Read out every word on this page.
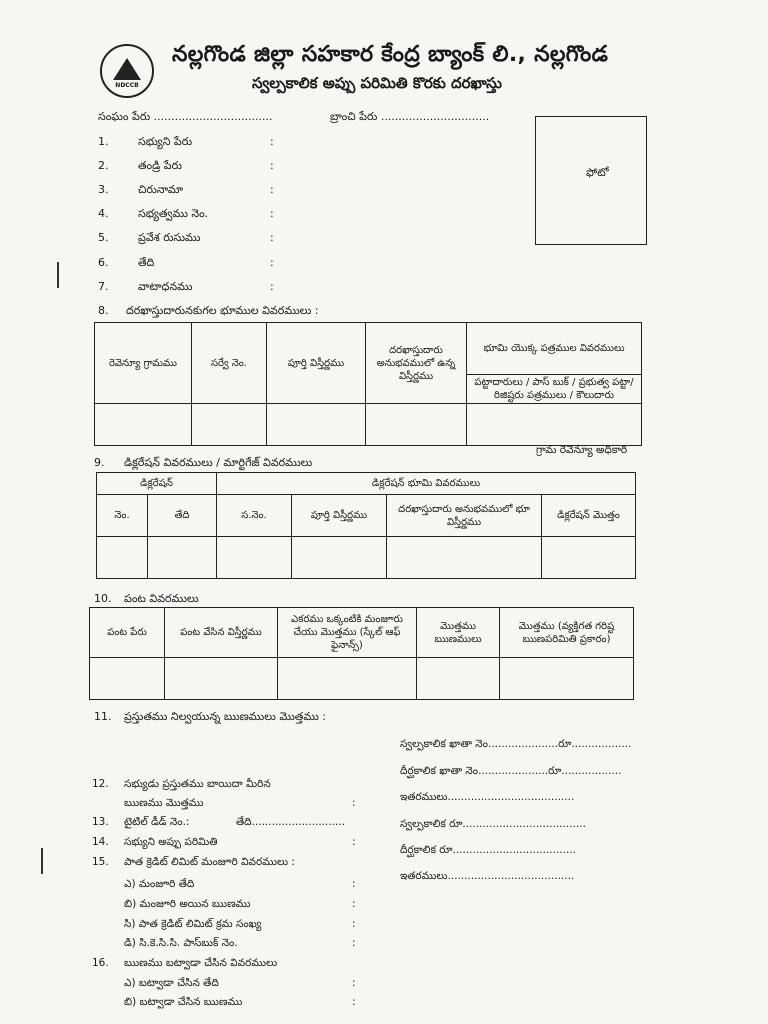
NDCCB
నల్లగొండ జిల్లా సహకార కేంద్ర బ్యాంక్ లి., నల్లగొండ
స్వల్పకాలిక అప్పు పరిమితి కొరకు దరఖాస్తు
సంఘం పేరు ..................................	బ్రాంచి పేరు ...............................
ఫోటో
1.	సభ్యుని పేరు	:
2.	తండ్రి పేరు	:
3.	చిరునామా	:
4.	సభ్యత్వము నెం.	:
5.	ప్రవేశ రుసుము	:
6.	తేది	:
7.	వాటాధనము	:
8. దరఖాస్తుదారునకుగల భూముల వివరములు :
రెవెన్యూ గ్రామము	సర్వే నెం.	పూర్తి విస్తీర్ణము	దరఖాస్తుదారు అనుభవములో ఉన్న విస్తీర్ణము	భూమి యొక్క పత్రముల వివరములు
				పట్టాదారులు / పాస్ బుక్ / ప్రభుత్వ పట్టా/ రిజిష్టరు పత్రములు / కౌలుదారు

గ్రామ రెవెన్యూ అధికారి
9. డిక్లరేషన్ వివరములు / మార్టిగేజ్ వివరములు
డిక్లరేషన్		డిక్లరేషన్ భూమి వివరములు			
నెం.	తేది	స.నెం.	పూర్తి విస్తీర్ణము	దరఖాస్తుదారు అనుభవములో భూ విస్తీర్ణము	డిక్లరేషన్ మొత్తం

10. పంట వివరములు
పంట పేరు	పంట వేసిన విస్తీర్ణము	ఎకరము ఒక్కంటికి మంజూరు చేయు మొత్తము (స్కేల్ ఆఫ్ ఫైనాన్స్)	మొత్తము ఋణములు	మొత్తము (వ్యక్తిగత గరిష్ట ఋణపరిమితి ప్రకారం)

11. ప్రస్తుతము నిల్వయున్న ఋణములు మొత్తము :
స్వల్పకాలిక ఖాతా నెం.....................రూ..................
దీర్ఘకాలిక ఖాతా నెం.....................రూ..................
ఇతరములు......................................
స్వల్పకాలిక రూ.....................................
దీర్ఘకాలిక రూ.....................................
ఇతరములు......................................
12. సభ్యుడు ప్రస్తుతము బాయిదా మీరిన
ఋణము మొత్తము	:
13. టైటిల్ డీడ్ నెం.:	తేది............................
14. సభ్యుని అప్పు పరిమితి	:
15. పాత క్రెడిట్ లిమిట్ మంజూరి వివరములు :
ఎ) మంజూరి తేది	:
బి) మంజూరి అయిన ఋణము	:
సి) పాత క్రెడిట్ లిమిట్ క్రమ సంఖ్య	:
డి) సి.కె.సి.సి. పాస్‌బుక్ నెం.	:
16. ఋణము బట్వాడా చేసిన వివరములు
ఎ) బట్వాడా చేసిన తేది	:
బి) బట్వాడా చేసిన ఋణము	:
